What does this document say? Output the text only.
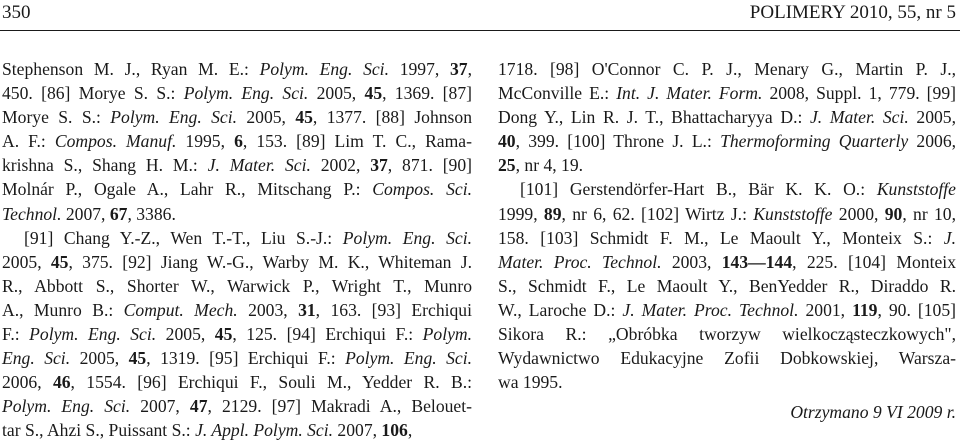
350	POLIMERY 2010, 55, nr 5
Stephenson M. J., Ryan M. E.: Polym. Eng. Sci. 1997, 37,
450. [86] Morye S. S.: Polym. Eng. Sci. 2005, 45, 1369. [87]
Morye S. S.: Polym. Eng. Sci. 2005, 45, 1377. [88] Johnson
A. F.: Compos. Manuf. 1995, 6, 153. [89] Lim T. C., Rama-
krishna S., Shang H. M.: J. Mater. Sci. 2002, 37, 871. [90]
Molnár P., Ogale A., Lahr R., Mitschang P.: Compos. Sci.
Technol. 2007, 67, 3386.
[91] Chang Y.-Z., Wen T.-T., Liu S.-J.: Polym. Eng. Sci.
2005, 45, 375. [92] Jiang W.-G., Warby M. K., Whiteman J.
R., Abbott S., Shorter W., Warwick P., Wright T., Munro
A., Munro B.: Comput. Mech. 2003, 31, 163. [93] Erchiqui
F.: Polym. Eng. Sci. 2005, 45, 125. [94] Erchiqui F.: Polym.
Eng. Sci. 2005, 45, 1319. [95] Erchiqui F.: Polym. Eng. Sci.
2006, 46, 1554. [96] Erchiqui F., Souli M., Yedder R. B.:
Polym. Eng. Sci. 2007, 47, 2129. [97] Makradi A., Belouet-
tar S., Ahzi S., Puissant S.: J. Appl. Polym. Sci. 2007, 106,
1718. [98] O'Connor C. P. J., Menary G., Martin P. J.,
McConville E.: Int. J. Mater. Form. 2008, Suppl. 1, 779. [99]
Dong Y., Lin R. J. T., Bhattacharyya D.: J. Mater. Sci. 2005,
40, 399. [100] Throne J. L.: Thermoforming Quarterly 2006,
25, nr 4, 19.
[101] Gerstendörfer-Hart B., Bär K. K. O.: Kunststoffe
1999, 89, nr 6, 62. [102] Wirtz J.: Kunststoffe 2000, 90, nr 10,
158. [103] Schmidt F. M., Le Maoult Y., Monteix S.: J.
Mater. Proc. Technol. 2003, 143—144, 225. [104] Monteix
S., Schmidt F., Le Maoult Y., BenYedder R., Diraddo R.
W., Laroche D.: J. Mater. Proc. Technol. 2001, 119, 90. [105]
Sikora R.: „Obróbka tworzyw wielkocząsteczkowych",
Wydawnictwo Edukacyjne Zofii Dobkowskiej, Warsza-
wa 1995.
Otrzymano 9 VI 2009 r.
